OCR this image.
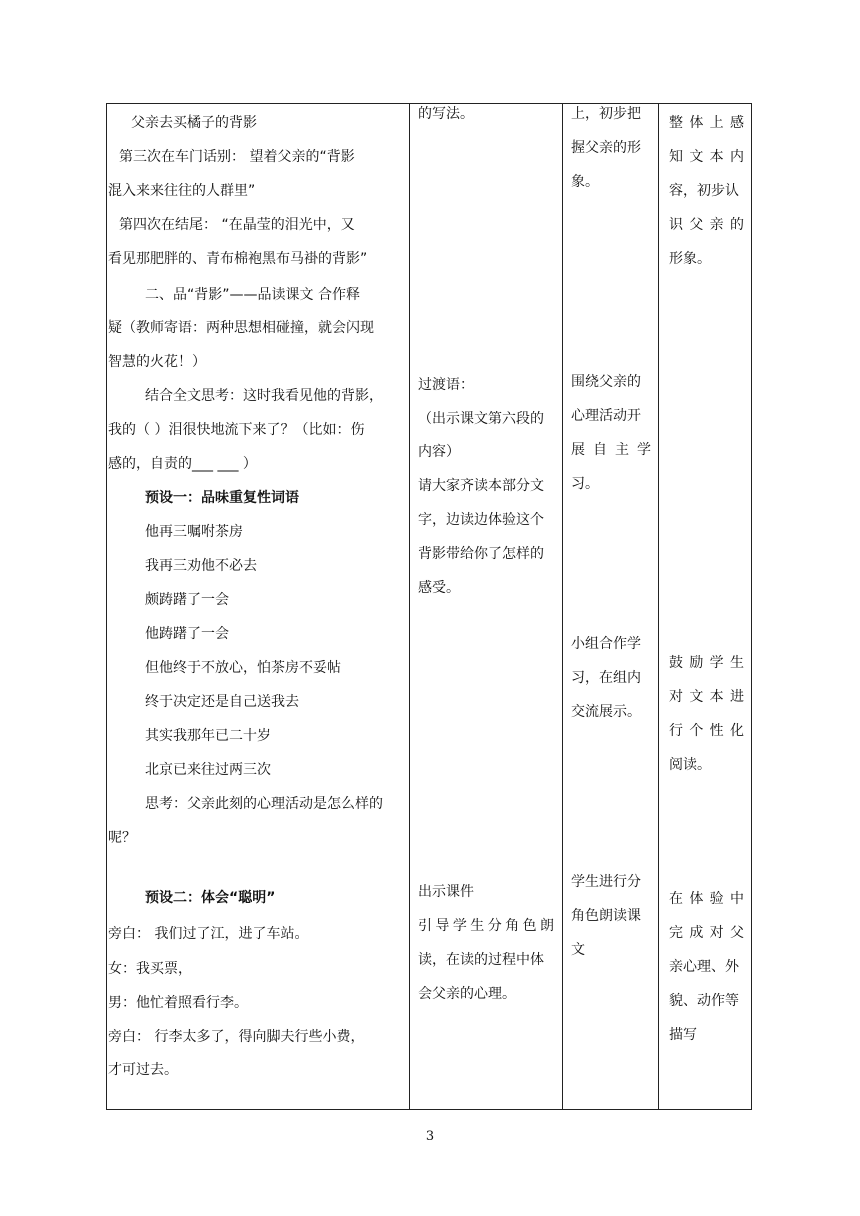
父亲去买橘子的背影
第三次在车门话别： 望着父亲的“背影
混入来来往往的人群里”
第四次在结尾： “在晶莹的泪光中，又
看见那肥胖的、青布棉袍黑布马褂的背影”
二、品“背影”——品读课文 合作释
疑（教师寄语：两种思想相碰撞，就会闪现
智慧的火花！）
结合全文思考：这时我看见他的背影，
我的（ ）泪很快地流下来了？（比如：伤
感的，自责的___ ___ ）
预设一：品味重复性词语
他再三嘱咐茶房
我再三劝他不必去
颇踌躇了一会
他踌躇了一会
但他终于不放心，怕茶房不妥帖
终于决定还是自己送我去
其实我那年已二十岁
北京已来往过两三次
思考：父亲此刻的心理活动是怎么样的
呢？
预设二：体会“聪明”
旁白： 我们过了江，进了车站。
女：我买票，
男：他忙着照看行李。
旁白： 行李太多了，得向脚夫行些小费，
才可过去。
的写法。
过渡语：
（出示课文第六段的
内容）
请大家齐读本部分文
字，边读边体验这个
背影带给你了怎样的
感受。
出示课件
引导学生分角色朗
读，在读的过程中体
会父亲的心理。
上，初步把
握父亲的形
象。
围绕父亲的
心理活动开
展自主学
习。
小组合作学
习，在组内
交流展示。
学生进行分
角色朗读课
文
整体上感
知文本内
容，初步认
识父亲的
形象。
鼓励学生
对文本进
行个性化
阅读。
在体验中
完成对父
亲心理、外
貌、动作等
描写
3
